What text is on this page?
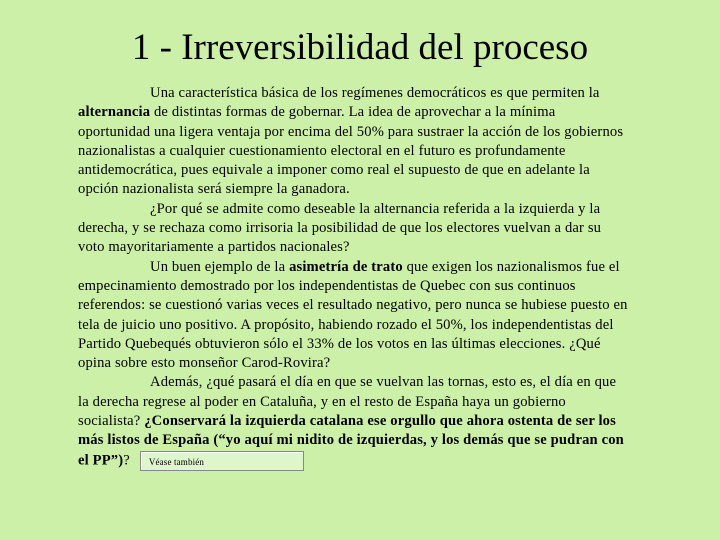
1 - Irreversibilidad del proceso

Una característica básica de los regímenes democráticos es que permiten la alternancia de distintas formas de gobernar. La idea de aprovechar a la mínima oportunidad una ligera ventaja por encima del 50% para sustraer la acción de los gobiernos nazionalistas a cualquier cuestionamiento electoral en el futuro es profundamente antidemocrática, pues equivale a imponer como real el supuesto de que en adelante la opción nazionalista será siempre la ganadora.

¿Por qué se admite como deseable la alternancia referida a la izquierda y la derecha, y se rechaza como irrisoria la posibilidad de que los electores vuelvan a dar su voto mayoritariamente a partidos nacionales?

Un buen ejemplo de la asimetría de trato que exigen los nazionalismos fue el empecinamiento demostrado por los independentistas de Quebec con sus continuos referendos: se cuestionó varias veces el resultado negativo, pero nunca se hubiese puesto en tela de juicio uno positivo. A propósito, habiendo rozado el 50%, los independentistas del Partido Quebequés obtuvieron sólo el 33% de los votos en las últimas elecciones. ¿Qué opina sobre esto monseñor Carod-Rovira?

Además, ¿qué pasará el día en que se vuelvan las tornas, esto es, el día en que la derecha regrese al poder en Cataluña, y en el resto de España haya un gobierno socialista? ¿Conservará la izquierda catalana ese orgullo que ahora ostenta de ser los más listos de España (“yo aquí mi nidito de izquierdas, y los demás que se pudran con el PP”)? Véase también
